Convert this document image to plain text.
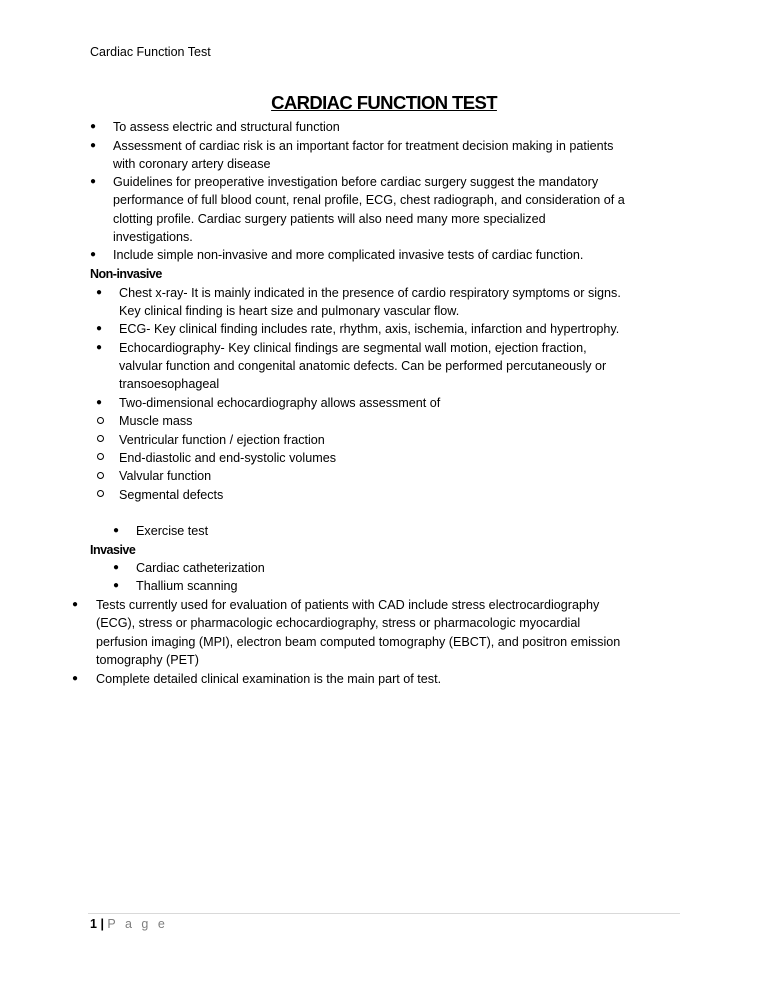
Cardiac Function Test
CARDIAC FUNCTION TEST
● To assess electric and structural function
● Assessment of cardiac risk is an important factor for treatment decision making in patients
with coronary artery disease
● Guidelines for preoperative investigation before cardiac surgery suggest the mandatory
performance of full blood count, renal profile, ECG, chest radiograph, and consideration of a
clotting profile. Cardiac surgery patients will also need many more specialized
investigations.
● Include simple non-invasive and more complicated invasive tests of cardiac function.
Non-invasive
● Chest x-ray- It is mainly indicated in the presence of cardio respiratory symptoms or signs.
Key clinical finding is heart size and pulmonary vascular flow.
● ECG- Key clinical finding includes rate, rhythm, axis, ischemia, infarction and hypertrophy.
● Echocardiography- Key clinical findings are segmental wall motion, ejection fraction,
valvular function and congenital anatomic defects. Can be performed percutaneously or
transoesophageal
● Two-dimensional echocardiography allows assessment of
Muscle mass
Ventricular function / ejection fraction
End-diastolic and end-systolic volumes
Valvular function
Segmental defects
● Exercise test
Invasive
● Cardiac catheterization
● Thallium scanning
● Tests currently used for evaluation of patients with CAD include stress electrocardiography
(ECG), stress or pharmacologic echocardiography, stress or pharmacologic myocardial
perfusion imaging (MPI), electron beam computed tomography (EBCT), and positron emission
tomography (PET)
● Complete detailed clinical examination is the main part of test.
1 | P a g e
